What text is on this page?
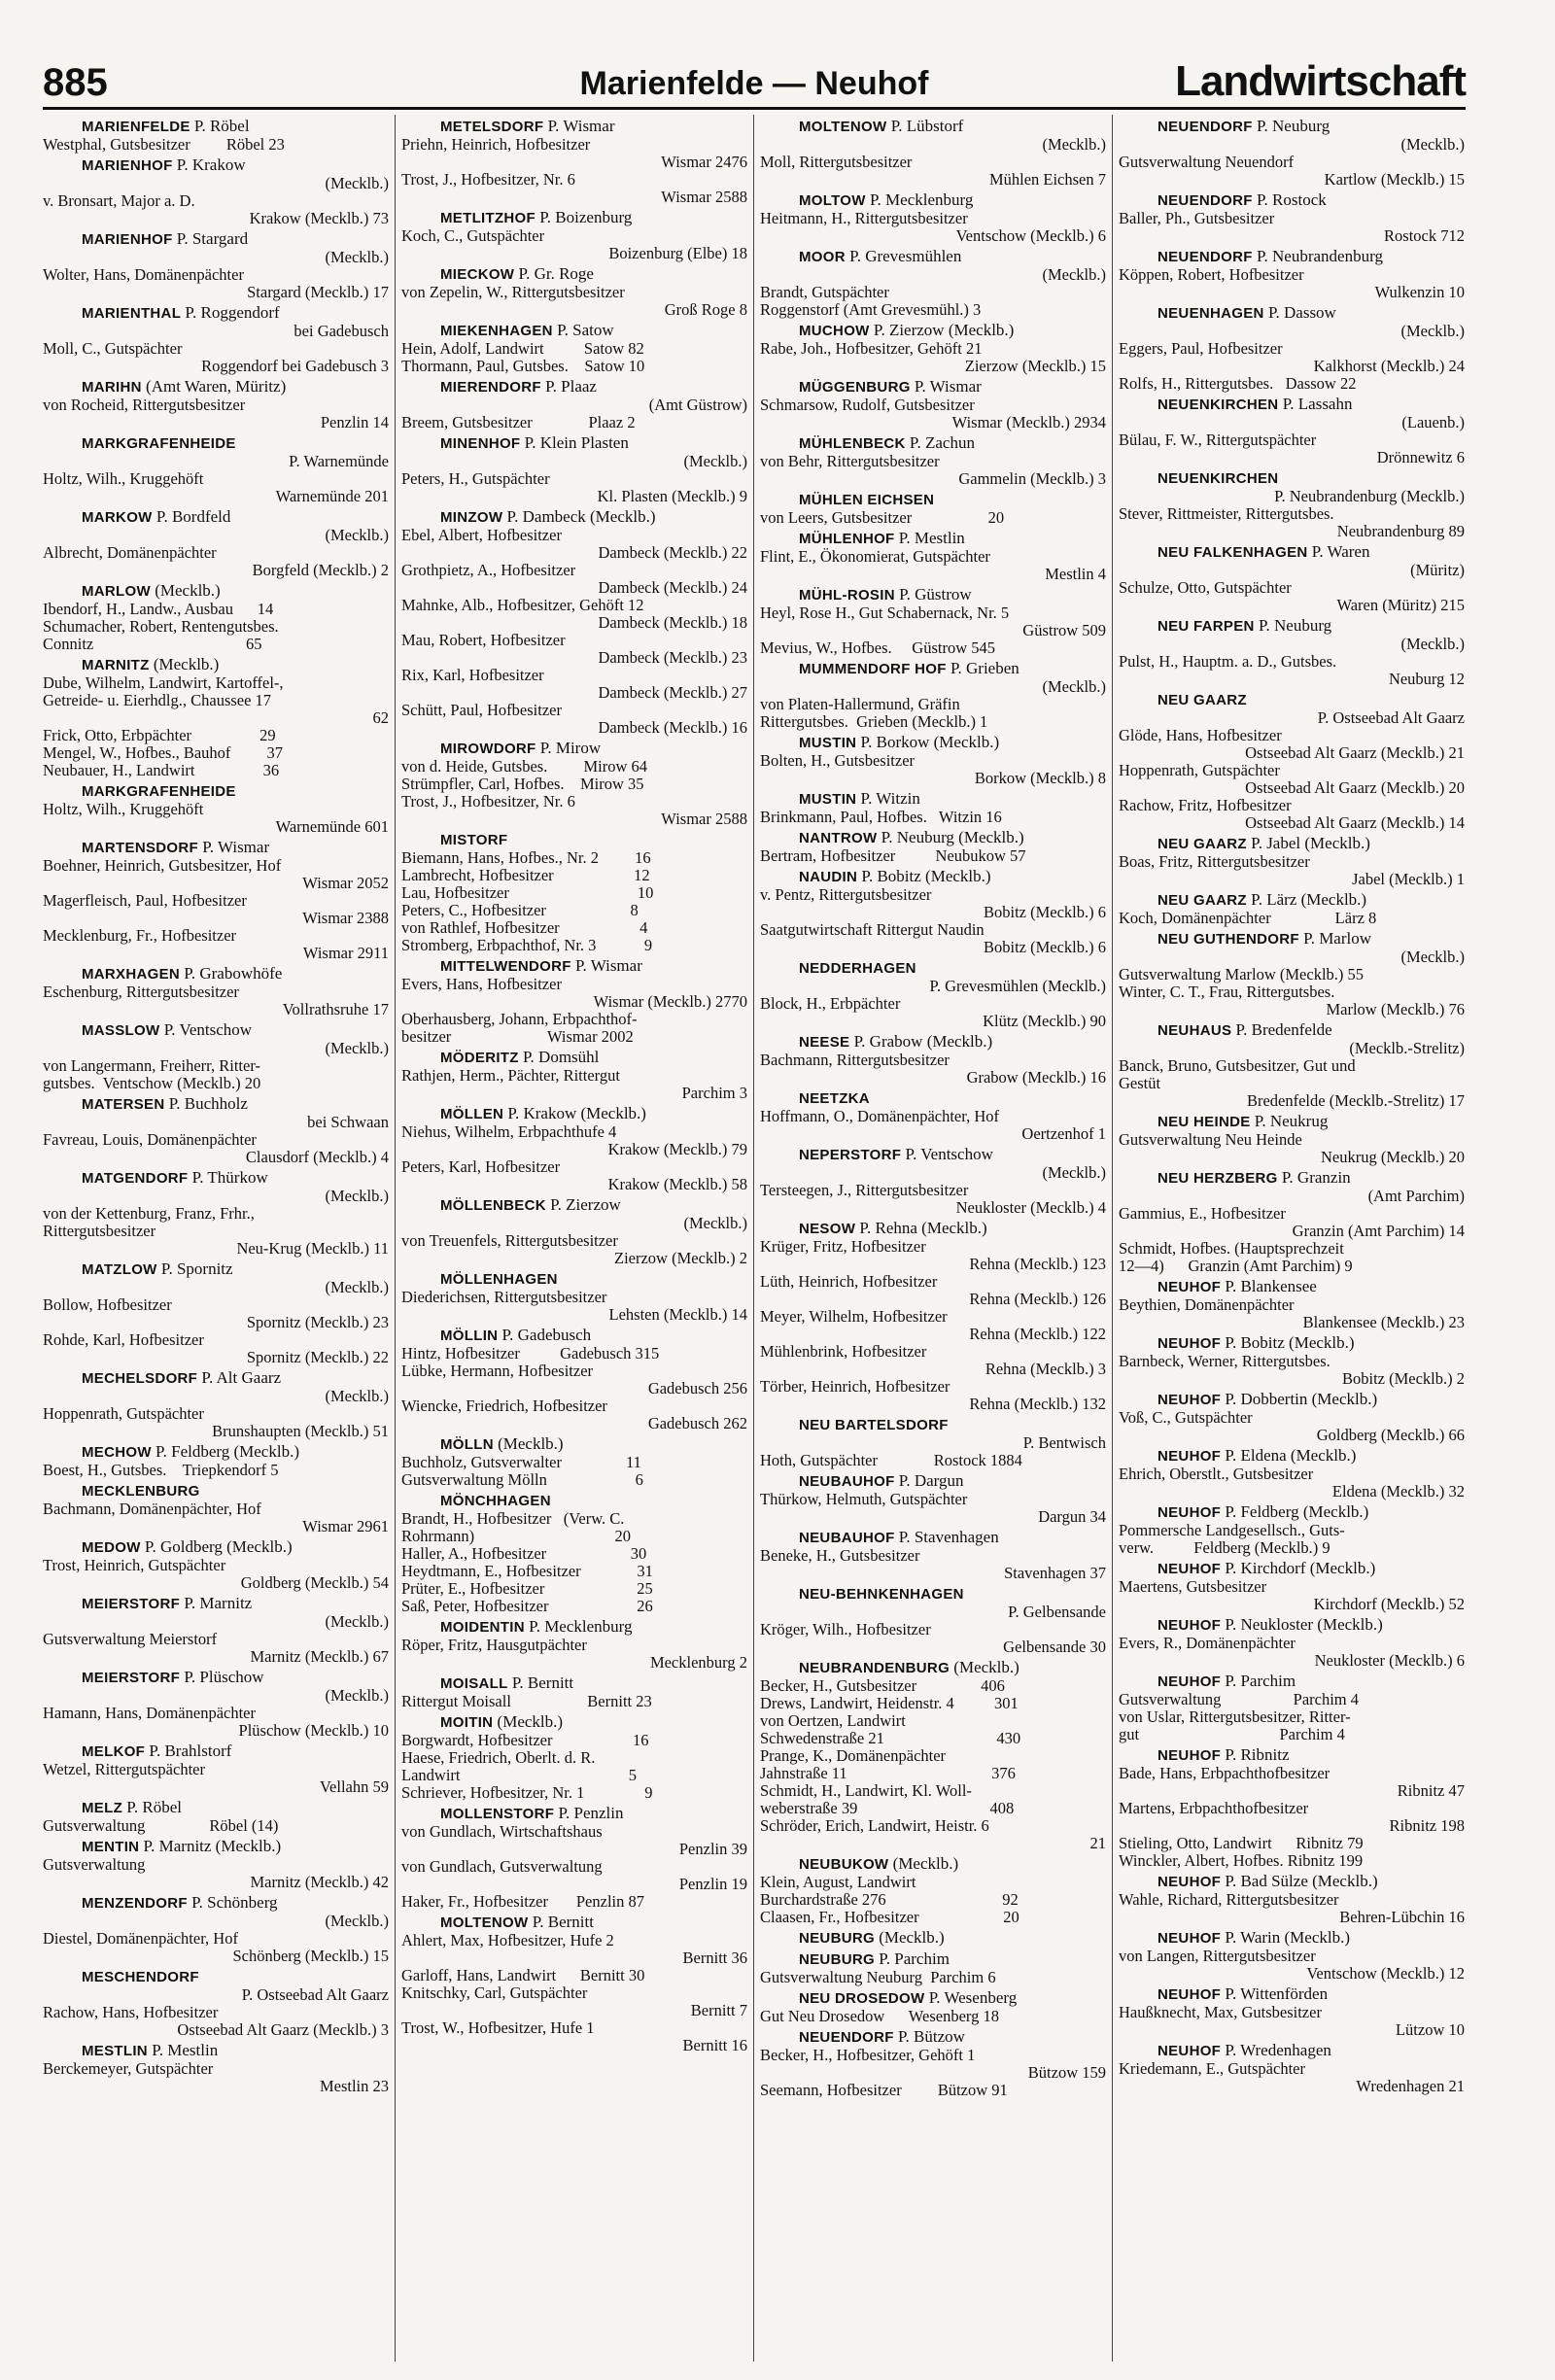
885	Marienfelde — Neuhof	Landwirtschaft
MARIENFELDE P. Röbel
Westphal, Gutsbesitzer         Röbel 23
MARIENHOF P. Krakow
(Mecklb.)
v. Bronsart, Major a. D.
Krakow (Mecklb.) 73
MARIENHOF P. Stargard
(Mecklb.)
Wolter, Hans, Domänenpächter
Stargard (Mecklb.) 17
MARIENTHAL P. Roggendorf
bei Gadebusch
Moll, C., Gutspächter
Roggendorf bei Gadebusch 3
MARIHN (Amt Waren, Müritz)
von Rocheid, Rittergutsbesitzer
Penzlin 14
MARKGRAFENHEIDE
P. Warnemünde
Holtz, Wilh., Kruggehöft
Warnemünde 201
MARKOW P. Bordfeld
(Mecklb.)
Albrecht, Domänenpächter
Borgfeld (Mecklb.) 2
MARLOW (Mecklb.)
Ibendorf, H., Landw., Ausbau      14
Schumacher, Robert, Rentengutsbes.
Connitz                                      65
MARNITZ (Mecklb.)
Dube, Wilhelm, Landwirt, Kartoffel-,
Getreide- u. Eierhdlg., Chaussee 17
62
Frick, Otto, Erbpächter                 29
Mengel, W., Hofbes., Bauhof         37
Neubauer, H., Landwirt                 36
MARKGRAFENHEIDE
Holtz, Wilh., Kruggehöft
Warnemünde 601
MARTENSDORF P. Wismar
Boehner, Heinrich, Gutsbesitzer, Hof
Wismar 2052
Magerfleisch, Paul, Hofbesitzer
Wismar 2388
Mecklenburg, Fr., Hofbesitzer
Wismar 2911
MARXHAGEN P. Grabowhöfe
Eschenburg, Rittergutsbesitzer
Vollrathsruhe 17
MASSLOW P. Ventschow
(Mecklb.)
von Langermann, Freiherr, Ritter-
gutsbes.  Ventschow (Mecklb.) 20
MATERSEN P. Buchholz
bei Schwaan
Favreau, Louis, Domänenpächter
Clausdorf (Mecklb.) 4
MATGENDORF P. Thürkow
(Mecklb.)
von der Kettenburg, Franz, Frhr.,
Rittergutsbesitzer
Neu-Krug (Mecklb.) 11
MATZLOW P. Spornitz
(Mecklb.)
Bollow, Hofbesitzer
Spornitz (Mecklb.) 23
Rohde, Karl, Hofbesitzer
Spornitz (Mecklb.) 22
MECHELSDORF P. Alt Gaarz
(Mecklb.)
Hoppenrath, Gutspächter
Brunshaupten (Mecklb.) 51
MECHOW P. Feldberg (Mecklb.)
Boest, H., Gutsbes.    Triepkendorf 5
MECKLENBURG
Bachmann, Domänenpächter, Hof
Wismar 2961
MEDOW P. Goldberg (Mecklb.)
Trost, Heinrich, Gutspächter
Goldberg (Mecklb.) 54
MEIERSTORF P. Marnitz
(Mecklb.)
Gutsverwaltung Meierstorf
Marnitz (Mecklb.) 67
MEIERSTORF P. Plüschow
(Mecklb.)
Hamann, Hans, Domänenpächter
Plüschow (Mecklb.) 10
MELKOF P. Brahlstorf
Wetzel, Rittergutspächter
Vellahn 59
MELZ P. Röbel
Gutsverwaltung                Röbel (14)
MENTIN P. Marnitz (Mecklb.)
Gutsverwaltung
Marnitz (Mecklb.) 42
MENZENDORF P. Schönberg
(Mecklb.)
Diestel, Domänenpächter, Hof
Schönberg (Mecklb.) 15
MESCHENDORF
P. Ostseebad Alt Gaarz
Rachow, Hans, Hofbesitzer
Ostseebad Alt Gaarz (Mecklb.) 3
MESTLIN P. Mestlin
Berckemeyer, Gutspächter
Mestlin 23
METELSDORF P. Wismar
Priehn, Heinrich, Hofbesitzer
Wismar 2476
Trost, J., Hofbesitzer, Nr. 6
Wismar 2588
METLITZHOF P. Boizenburg
Koch, C., Gutspächter
Boizenburg (Elbe) 18
MIECKOW P. Gr. Roge
von Zepelin, W., Rittergutsbesitzer
Groß Roge 8
MIEKENHAGEN P. Satow
Hein, Adolf, Landwirt          Satow 82
Thormann, Paul, Gutsbes.    Satow 10
MIERENDORF P. Plaaz
(Amt Güstrow)
Breem, Gutsbesitzer              Plaaz 2
MINENHOF P. Klein Plasten
(Mecklb.)
Peters, H., Gutspächter
Kl. Plasten (Mecklb.) 9
MINZOW P. Dambeck (Mecklb.)
Ebel, Albert, Hofbesitzer
Dambeck (Mecklb.) 22
Grothpietz, A., Hofbesitzer
Dambeck (Mecklb.) 24
Mahnke, Alb., Hofbesitzer, Gehöft 12
Dambeck (Mecklb.) 18
Mau, Robert, Hofbesitzer
Dambeck (Mecklb.) 23
Rix, Karl, Hofbesitzer
Dambeck (Mecklb.) 27
Schütt, Paul, Hofbesitzer
Dambeck (Mecklb.) 16
MIROWDORF P. Mirow
von d. Heide, Gutsbes.         Mirow 64
Strümpfler, Carl, Hofbes.    Mirow 35
Trost, J., Hofbesitzer, Nr. 6
Wismar 2588
MISTORF
Biemann, Hans, Hofbes., Nr. 2         16
Lambrecht, Hofbesitzer                    12
Lau, Hofbesitzer                                10
Peters, C., Hofbesitzer                     8
von Rathlef, Hofbesitzer                    4
Stromberg, Erbpachthof, Nr. 3            9
MITTELWENDORF P. Wismar
Evers, Hans, Hofbesitzer
Wismar (Mecklb.) 2770
Oberhausberg, Johann, Erbpachthof-
besitzer                        Wismar 2002
MÖDERITZ P. Domsühl
Rathjen, Herm., Pächter, Rittergut
Parchim 3
MÖLLEN P. Krakow (Mecklb.)
Niehus, Wilhelm, Erbpachthufe 4
Krakow (Mecklb.) 79
Peters, Karl, Hofbesitzer
Krakow (Mecklb.) 58
MÖLLENBECK P. Zierzow
(Mecklb.)
von Treuenfels, Rittergutsbesitzer
Zierzow (Mecklb.) 2
MÖLLENHAGEN
Diederichsen, Rittergutsbesitzer
Lehsten (Mecklb.) 14
MÖLLIN P. Gadebusch
Hintz, Hofbesitzer          Gadebusch 315
Lübke, Hermann, Hofbesitzer
Gadebusch 256
Wiencke, Friedrich, Hofbesitzer
Gadebusch 262
MÖLLN (Mecklb.)
Buchholz, Gutsverwalter                11
Gutsverwaltung Mölln                      6
MÖNCHHAGEN
Brandt, H., Hofbesitzer   (Verw. C.
Rohrmann)                                   20
Haller, A., Hofbesitzer                     30
Heydtmann, E., Hofbesitzer              31
Prüter, E., Hofbesitzer                       25
Saß, Peter, Hofbesitzer                      26
MOIDENTIN P. Mecklenburg
Röper, Fritz, Hausgutpächter
Mecklenburg 2
MOISALL P. Bernitt
Rittergut Moisall                   Bernitt 23
MOITIN (Mecklb.)
Borgwardt, Hofbesitzer                    16
Haese, Friedrich, Oberlt. d. R.
Landwirt                                          5
Schriever, Hofbesitzer, Nr. 1               9
MOLLENSTORF P. Penzlin
von Gundlach, Wirtschaftshaus
Penzlin 39
von Gundlach, Gutsverwaltung
Penzlin 19
Haker, Fr., Hofbesitzer       Penzlin 87
MOLTENOW P. Bernitt
Ahlert, Max, Hofbesitzer, Hufe 2
Bernitt 36
Garloff, Hans, Landwirt      Bernitt 30
Knitschky, Carl, Gutspächter
Bernitt 7
Trost, W., Hofbesitzer, Hufe 1
Bernitt 16
MOLTENOW P. Lübstorf
(Mecklb.)
Moll, Rittergutsbesitzer
Mühlen Eichsen 7
MOLTOW P. Mecklenburg
Heitmann, H., Rittergutsbesitzer
Ventschow (Mecklb.) 6
MOOR P. Grevesmühlen
(Mecklb.)
Brandt, Gutspächter
Roggenstorf (Amt Grevesmühl.) 3
MUCHOW P. Zierzow (Mecklb.)
Rabe, Joh., Hofbesitzer, Gehöft 21
Zierzow (Mecklb.) 15
MÜGGENBURG P. Wismar
Schmarsow, Rudolf, Gutsbesitzer
Wismar (Mecklb.) 2934
MÜHLENBECK P. Zachun
von Behr, Rittergutsbesitzer
Gammelin (Mecklb.) 3
MÜHLEN EICHSEN
von Leers, Gutsbesitzer                   20
MÜHLENHOF P. Mestlin
Flint, E., Ökonomierat, Gutspächter
Mestlin 4
MÜHL-ROSIN P. Güstrow
Heyl, Rose H., Gut Schabernack, Nr. 5
Güstrow 509
Mevius, W., Hofbes.     Güstrow 545
MUMMENDORF HOF P. Grieben
(Mecklb.)
von Platen-Hallermund, Gräfin
Rittergutsbes.  Grieben (Mecklb.) 1
MUSTIN P. Borkow (Mecklb.)
Bolten, H., Gutsbesitzer
Borkow (Mecklb.) 8
MUSTIN P. Witzin
Brinkmann, Paul, Hofbes.   Witzin 16
NANTROW P. Neuburg (Mecklb.)
Bertram, Hofbesitzer          Neubukow 57
NAUDIN P. Bobitz (Mecklb.)
v. Pentz, Rittergutsbesitzer
Bobitz (Mecklb.) 6
Saatgutwirtschaft Rittergut Naudin
Bobitz (Mecklb.) 6
NEDDERHAGEN
P. Grevesmühlen (Mecklb.)
Block, H., Erbpächter
Klütz (Mecklb.) 90
NEESE P. Grabow (Mecklb.)
Bachmann, Rittergutsbesitzer
Grabow (Mecklb.) 16
NEETZKA
Hoffmann, O., Domänenpächter, Hof
Oertzenhof 1
NEPERSTORF P. Ventschow
(Mecklb.)
Tersteegen, J., Rittergutsbesitzer
Neukloster (Mecklb.) 4
NESOW P. Rehna (Mecklb.)
Krüger, Fritz, Hofbesitzer
Rehna (Mecklb.) 123
Lüth, Heinrich, Hofbesitzer
Rehna (Mecklb.) 126
Meyer, Wilhelm, Hofbesitzer
Rehna (Mecklb.) 122
Mühlenbrink, Hofbesitzer
Rehna (Mecklb.) 3
Törber, Heinrich, Hofbesitzer
Rehna (Mecklb.) 132
NEU BARTELSDORF
P. Bentwisch
Hoth, Gutspächter              Rostock 1884
NEUBAUHOF P. Dargun
Thürkow, Helmuth, Gutspächter
Dargun 34
NEUBAUHOF P. Stavenhagen
Beneke, H., Gutsbesitzer
Stavenhagen 37
NEU-BEHNKENHAGEN
P. Gelbensande
Kröger, Wilh., Hofbesitzer
Gelbensande 30
NEUBRANDENBURG (Mecklb.)
Becker, H., Gutsbesitzer                406
Drews, Landwirt, Heidenstr. 4          301
von Oertzen, Landwirt
Schwedenstraße 21                            430
Prange, K., Domänenpächter
Jahnstraße 11                                    376
Schmidt, H., Landwirt, Kl. Woll-
weberstraße 39                                 408
Schröder, Erich, Landwirt, Heistr. 6
21
NEUBUKOW (Mecklb.)
Klein, August, Landwirt
Burchardstraße 276                             92
Claasen, Fr., Hofbesitzer                     20
NEUBURG (Mecklb.)
NEUBURG P. Parchim
Gutsverwaltung Neuburg  Parchim 6
NEU DROSEDOW P. Wesenberg
Gut Neu Drosedow      Wesenberg 18
NEUENDORF P. Bützow
Becker, H., Hofbesitzer, Gehöft 1
Bützow 159
Seemann, Hofbesitzer         Bützow 91
NEUENDORF P. Neuburg
(Mecklb.)
Gutsverwaltung Neuendorf
Kartlow (Mecklb.) 15
NEUENDORF P. Rostock
Baller, Ph., Gutsbesitzer
Rostock 712
NEUENDORF P. Neubrandenburg
Köppen, Robert, Hofbesitzer
Wulkenzin 10
NEUENHAGEN P. Dassow
(Mecklb.)
Eggers, Paul, Hofbesitzer
Kalkhorst (Mecklb.) 24
Rolfs, H., Rittergutsbes.   Dassow 22
NEUENKIRCHEN P. Lassahn
(Lauenb.)
Bülau, F. W., Rittergutspächter
Drönnewitz 6
NEUENKIRCHEN
P. Neubrandenburg (Mecklb.)
Stever, Rittmeister, Rittergutsbes.
Neubrandenburg 89
NEU FALKENHAGEN P. Waren
(Müritz)
Schulze, Otto, Gutspächter
Waren (Müritz) 215
NEU FARPEN P. Neuburg
(Mecklb.)
Pulst, H., Hauptm. a. D., Gutsbes.
Neuburg 12
NEU GAARZ
P. Ostseebad Alt Gaarz
Glöde, Hans, Hofbesitzer
Ostseebad Alt Gaarz (Mecklb.) 21
Hoppenrath, Gutspächter
Ostseebad Alt Gaarz (Mecklb.) 20
Rachow, Fritz, Hofbesitzer
Ostseebad Alt Gaarz (Mecklb.) 14
NEU GAARZ P. Jabel (Mecklb.)
Boas, Fritz, Rittergutsbesitzer
Jabel (Mecklb.) 1
NEU GAARZ P. Lärz (Mecklb.)
Koch, Domänenpächter                Lärz 8
NEU GUTHENDORF P. Marlow
(Mecklb.)
Gutsverwaltung Marlow (Mecklb.) 55
Winter, C. T., Frau, Rittergutsbes.
Marlow (Mecklb.) 76
NEUHAUS P. Bredenfelde
(Mecklb.-Strelitz)
Banck, Bruno, Gutsbesitzer, Gut und
Gestüt
Bredenfelde (Mecklb.-Strelitz) 17
NEU HEINDE P. Neukrug
Gutsverwaltung Neu Heinde
Neukrug (Mecklb.) 20
NEU HERZBERG P. Granzin
(Amt Parchim)
Gammius, E., Hofbesitzer
Granzin (Amt Parchim) 14
Schmidt, Hofbes. (Hauptsprechzeit
12—4)      Granzin (Amt Parchim) 9
NEUHOF P. Blankensee
Beythien, Domänenpächter
Blankensee (Mecklb.) 23
NEUHOF P. Bobitz (Mecklb.)
Barnbeck, Werner, Rittergutsbes.
Bobitz (Mecklb.) 2
NEUHOF P. Dobbertin (Mecklb.)
Voß, C., Gutspächter
Goldberg (Mecklb.) 66
NEUHOF P. Eldena (Mecklb.)
Ehrich, Oberstlt., Gutsbesitzer
Eldena (Mecklb.) 32
NEUHOF P. Feldberg (Mecklb.)
Pommersche Landgesellsch., Guts-
verw.          Feldberg (Mecklb.) 9
NEUHOF P. Kirchdorf (Mecklb.)
Maertens, Gutsbesitzer
Kirchdorf (Mecklb.) 52
NEUHOF P. Neukloster (Mecklb.)
Evers, R., Domänenpächter
Neukloster (Mecklb.) 6
NEUHOF P. Parchim
Gutsverwaltung                  Parchim 4
von Uslar, Rittergutsbesitzer, Ritter-
gut                                   Parchim 4
NEUHOF P. Ribnitz
Bade, Hans, Erbpachthofbesitzer
Ribnitz 47
Martens, Erbpachthofbesitzer
Ribnitz 198
Stieling, Otto, Landwirt      Ribnitz 79
Winckler, Albert, Hofbes. Ribnitz 199
NEUHOF P. Bad Sülze (Mecklb.)
Wahle, Richard, Rittergutsbesitzer
Behren-Lübchin 16
NEUHOF P. Warin (Mecklb.)
von Langen, Rittergutsbesitzer
Ventschow (Mecklb.) 12
NEUHOF P. Wittenförden
Haußknecht, Max, Gutsbesitzer
Lützow 10
NEUHOF P. Wredenhagen
Kriedemann, E., Gutspächter
Wredenhagen 21
